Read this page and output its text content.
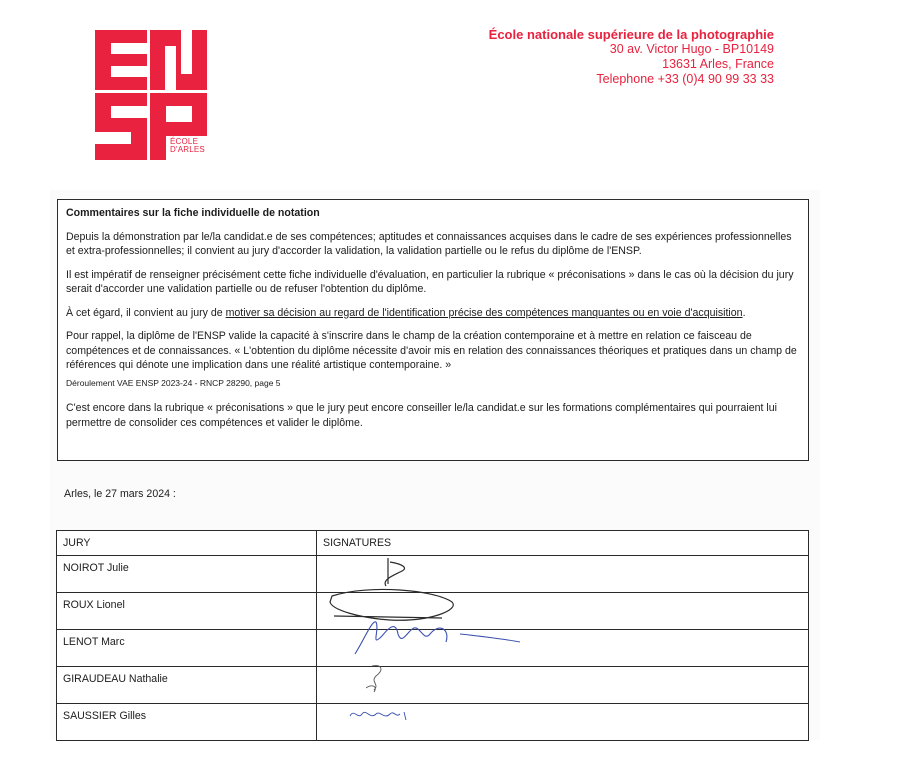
ÉCOLE
D'ARLES
École nationale supérieure de la photographie
30 av. Victor Hugo - BP10149
13631 Arles, France
Telephone +33 (0)4 90 99 33 33

Commentaires sur la fiche individuelle de notation

Depuis la démonstration par le/la candidat.e de ses compétences; aptitudes et connaissances acquises dans le cadre de ses expériences professionnelles et extra-professionnelles; il convient au jury d'accorder la validation, la validation partielle ou le refus du diplôme de l'ENSP.

Il est impératif de renseigner précisément cette fiche individuelle d'évaluation, en particulier la rubrique « préconisations » dans le cas où la décision du jury serait d'accorder une validation partielle ou de refuser l'obtention du diplôme.

À cet égard, il convient au jury de motiver sa décision au regard de l'identification précise des compétences manquantes ou en voie d'acquisition.

Pour rappel, la diplôme de l'ENSP valide la capacité à s'inscrire dans le champ de la création contemporaine et à mettre en relation ce faisceau de compétences et de connaissances. « L'obtention du diplôme nécessite d'avoir mis en relation des connaissances théoriques et pratiques dans un champ de références qui dénote une implication dans une réalité artistique contemporaine. »

Déroulement VAE ENSP 2023-24 - RNCP 28290, page 5

C'est encore dans la rubrique « préconisations » que le jury peut encore conseiller le/la candidat.e sur les formations complémentaires qui pourraient lui permettre de consolider ces compétences et valider le diplôme.

Arles, le 27 mars 2024 :
JURY	SIGNATURES
NOIROT Julie	
ROUX Lionel	
LENOT Marc	
GIRAUDEAU Nathalie	
SAUSSIER Gilles	
